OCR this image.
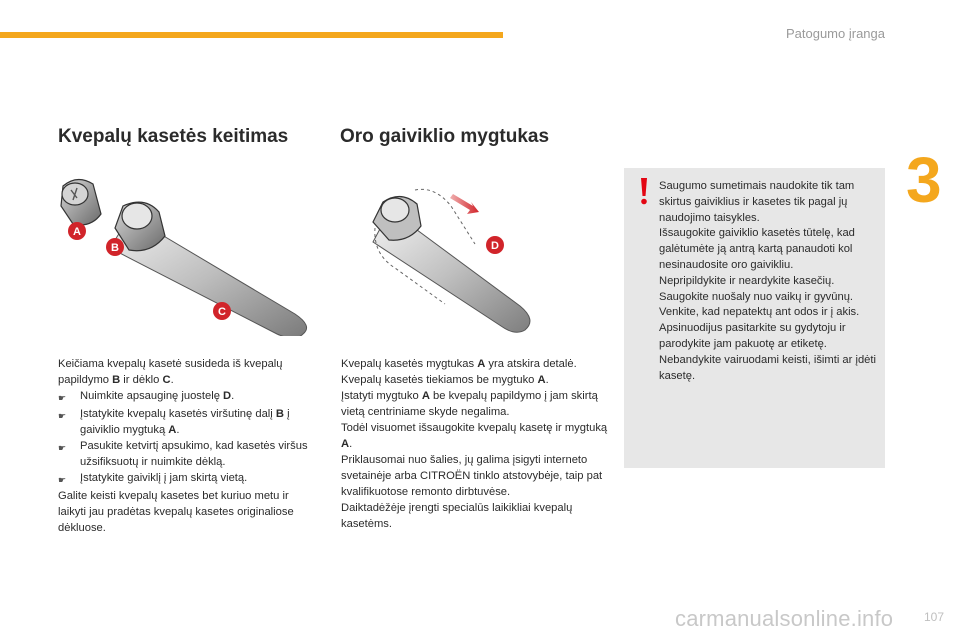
Patogumo įranga
3
Kvepalų kasetės keitimas	Oro gaiviklio mygtukas
A
B
C
D

Keičiama kvepalų kasetė susideda iš kvepalų papildymo B ir dėklo C.

☛	Nuimkite apsauginę juostelę D.
☛	Įstatykite kvepalų kasetės viršutinę dalį B į gaiviklio mygtuką A.
☛	Pasukite ketvirtį apsukimo, kad kasetės viršus užsifiksuotų ir nuimkite dėklą.
☛	Įstatykite gaiviklį į jam skirtą vietą.

Galite keisti kvepalų kasetes bet kuriuo metu ir laikyti jau pradėtas kvepalų kasetes originaliose dėkluose.

Kvepalų kasetės mygtukas A yra atskira detalė.

Kvepalų kasetės tiekiamos be mygtuko A.

Įstatyti mygtuko A be kvepalų papildymo į jam skirtą vietą centriniame skyde negalima.

Todėl visuomet išsaugokite kvepalų kasetę ir mygtuką A.

Priklausomai nuo šalies, jų galima įsigyti interneto svetainėje arba CITROËN tinklo atstovybėje, taip pat kvalifikuotose remonto dirbtuvėse.

Daiktadėžėje įrengti specialūs laikikliai kvepalų kasetėms.

Saugumo sumetimais naudokite tik tam skirtus gaiviklius ir kasetes tik pagal jų naudojimo taisykles.

Išsaugokite gaiviklio kasetės tūtelę, kad galėtumėte ją antrą kartą panaudoti kol nesinaudosite oro gaivikliu.

Nepripildykite ir neardykite kasečių.

Saugokite nuošaly nuo vaikų ir gyvūnų.

Venkite, kad nepatektų ant odos ir į akis.

Apsinuodijus pasitarkite su gydytoju ir parodykite jam pakuotę ar etiketę.

Nebandykite vairuodami keisti, išimti ar įdėti kasetę.

carmanualsonline.info	107
